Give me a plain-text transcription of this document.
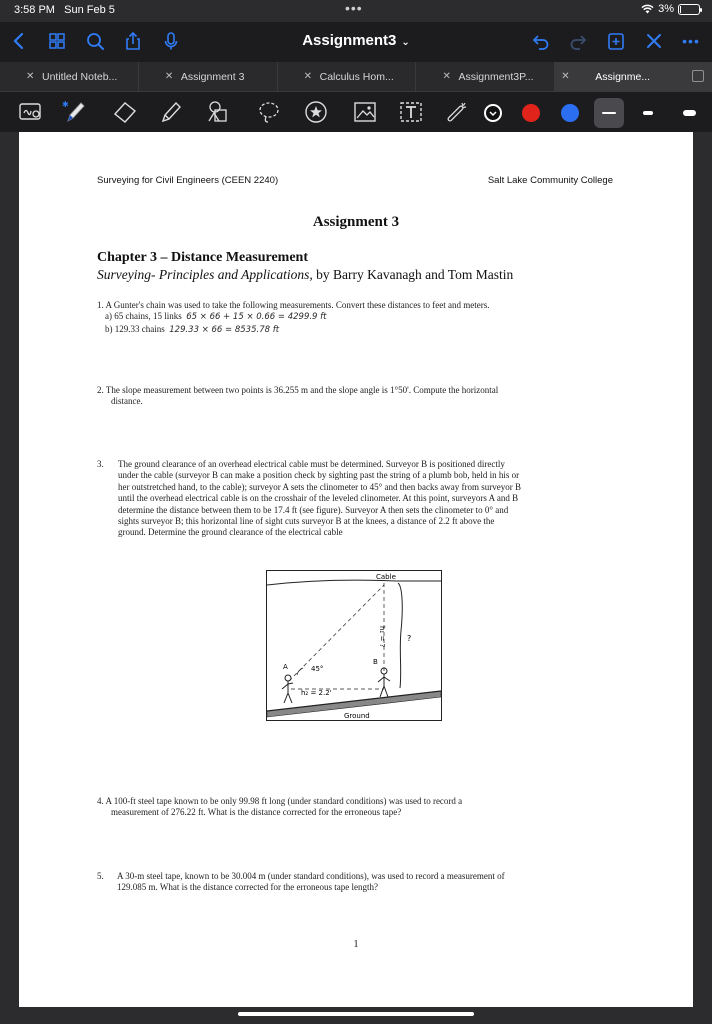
3:58 PM Sun Feb 5	•••	3%
Assignment3 ⌄	•••
✕ Untitled Noteb...	✕ Assignment 3	✕ Calculus Hom...	✕ Assignment3P...	✕ Assignme...
✱
Surveying for Civil Engineers (CEEN 2240)	Salt Lake Community College
Assignment 3
Chapter 3 – Distance Measurement
Surveying- Principles and Applications, by Barry Kavanagh and Tom Mastin
1. A Gunter's chain was used to take the following measurements. Convert these distances to feet and meters.
a) 65 chains, 15 links 65 × 66 + 15 × 0.66 = 4299.9 ft
b) 129.33 chains 129.33 × 66 = 8535.78 ft
2. The slope measurement between two points is 36.255 m and the slope angle is 1°50'. Compute the horizontal
distance.
3. The ground clearance of an overhead electrical cable must be determined. Surveyor B is positioned directly
under the cable (surveyor B can make a position check by sighting past the string of a plumb bob, held in his or
her outstretched hand, to the cable); surveyor A sets the clinometer to 45° and then backs away from surveyor B
until the overhead electrical cable is on the crosshair of the leveled clinometer. At this point, surveyors A and B
determine the distance between them to be 17.4 ft (see figure). Surveyor A then sets the clinometer to 0° and
sights surveyor B; this horizontal line of sight cuts surveyor B at the knees, a distance of 2.2 ft above the
ground. Determine the ground clearance of the electrical cable
Cable
?
h₁ = ?
45°
A
B
h₂ = 2.2'
Ground
4. A 100-ft steel tape known to be only 99.98 ft long (under standard conditions) was used to record a
measurement of 276.22 ft. What is the distance corrected for the erroneous tape?
5. A 30-m steel tape, known to be 30.004 m (under standard conditions), was used to record a measurement of
129.085 m. What is the distance corrected for the erroneous tape length?
1
